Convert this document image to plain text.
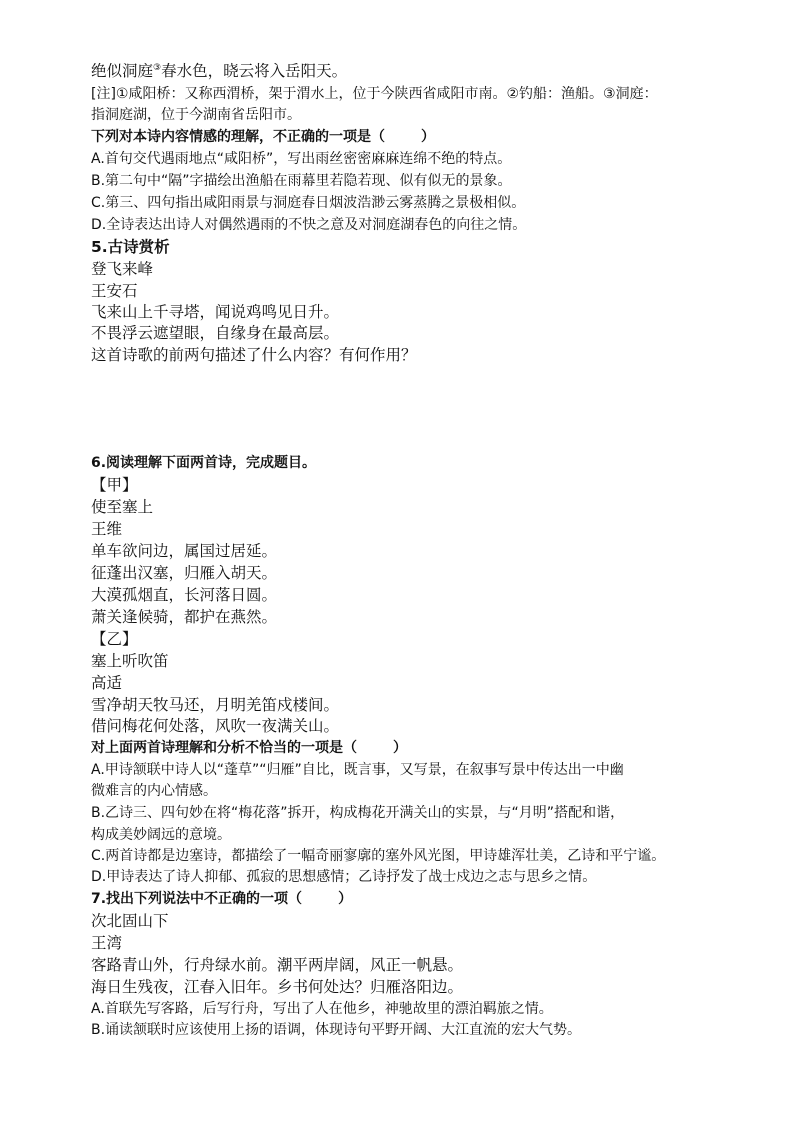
绝似洞庭③春水色，晓云将入岳阳天。
[注]①咸阳桥：又称西渭桥，架于渭水上，位于今陕西省咸阳市南。②钓船：渔船。③洞庭：
指洞庭湖，位于今湖南省岳阳市。
下列对本诗内容情感的理解，不正确的一项是（	）
A.首句交代遇雨地点“咸阳桥”，写出雨丝密密麻麻连绵不绝的特点。
B.第二句中“隔”字描绘出渔船在雨幕里若隐若现、似有似无的景象。
C.第三、四句指出咸阳雨景与洞庭春日烟波浩渺云雾蒸腾之景极相似。
D.全诗表达出诗人对偶然遇雨的不快之意及对洞庭湖春色的向往之情。
5.古诗赏析
登飞来峰
王安石
飞来山上千寻塔，闻说鸡鸣见日升。
不畏浮云遮望眼，自缘身在最高层。
这首诗歌的前两句描述了什么内容？有何作用？
6.阅读理解下面两首诗，完成题目。
【甲】
使至塞上
王维
单车欲问边，属国过居延。
征蓬出汉塞，归雁入胡天。
大漠孤烟直，长河落日圆。
萧关逢候骑，都护在燕然。
【乙】
塞上听吹笛
高适
雪净胡天牧马还，月明羌笛戍楼间。
借问梅花何处落，风吹一夜满关山。
对上面两首诗理解和分析不恰当的一项是（	）
A.甲诗颔联中诗人以“蓬草”“归雁”自比，既言事，又写景，在叙事写景中传达出一中幽
微难言的内心情感。
B.乙诗三、四句妙在将“梅花落”拆开，构成梅花开满关山的实景，与“月明”搭配和谐，
构成美妙阔远的意境。
C.两首诗都是边塞诗，都描绘了一幅奇丽寥廓的塞外风光图，甲诗雄浑壮美，乙诗和平宁谧。
D.甲诗表达了诗人抑郁、孤寂的思想感情；乙诗抒发了战士戍边之志与思乡之情。
7.找出下列说法中不正确的一项（	）
次北固山下
王湾
客路青山外，行舟绿水前。潮平两岸阔，风正一帆悬。
海日生残夜，江春入旧年。乡书何处达？归雁洛阳边。
A.首联先写客路，后写行舟，写出了人在他乡，神驰故里的漂泊羁旅之情。
B.诵读颔联时应该使用上扬的语调，体现诗句平野开阔、大江直流的宏大气势。
